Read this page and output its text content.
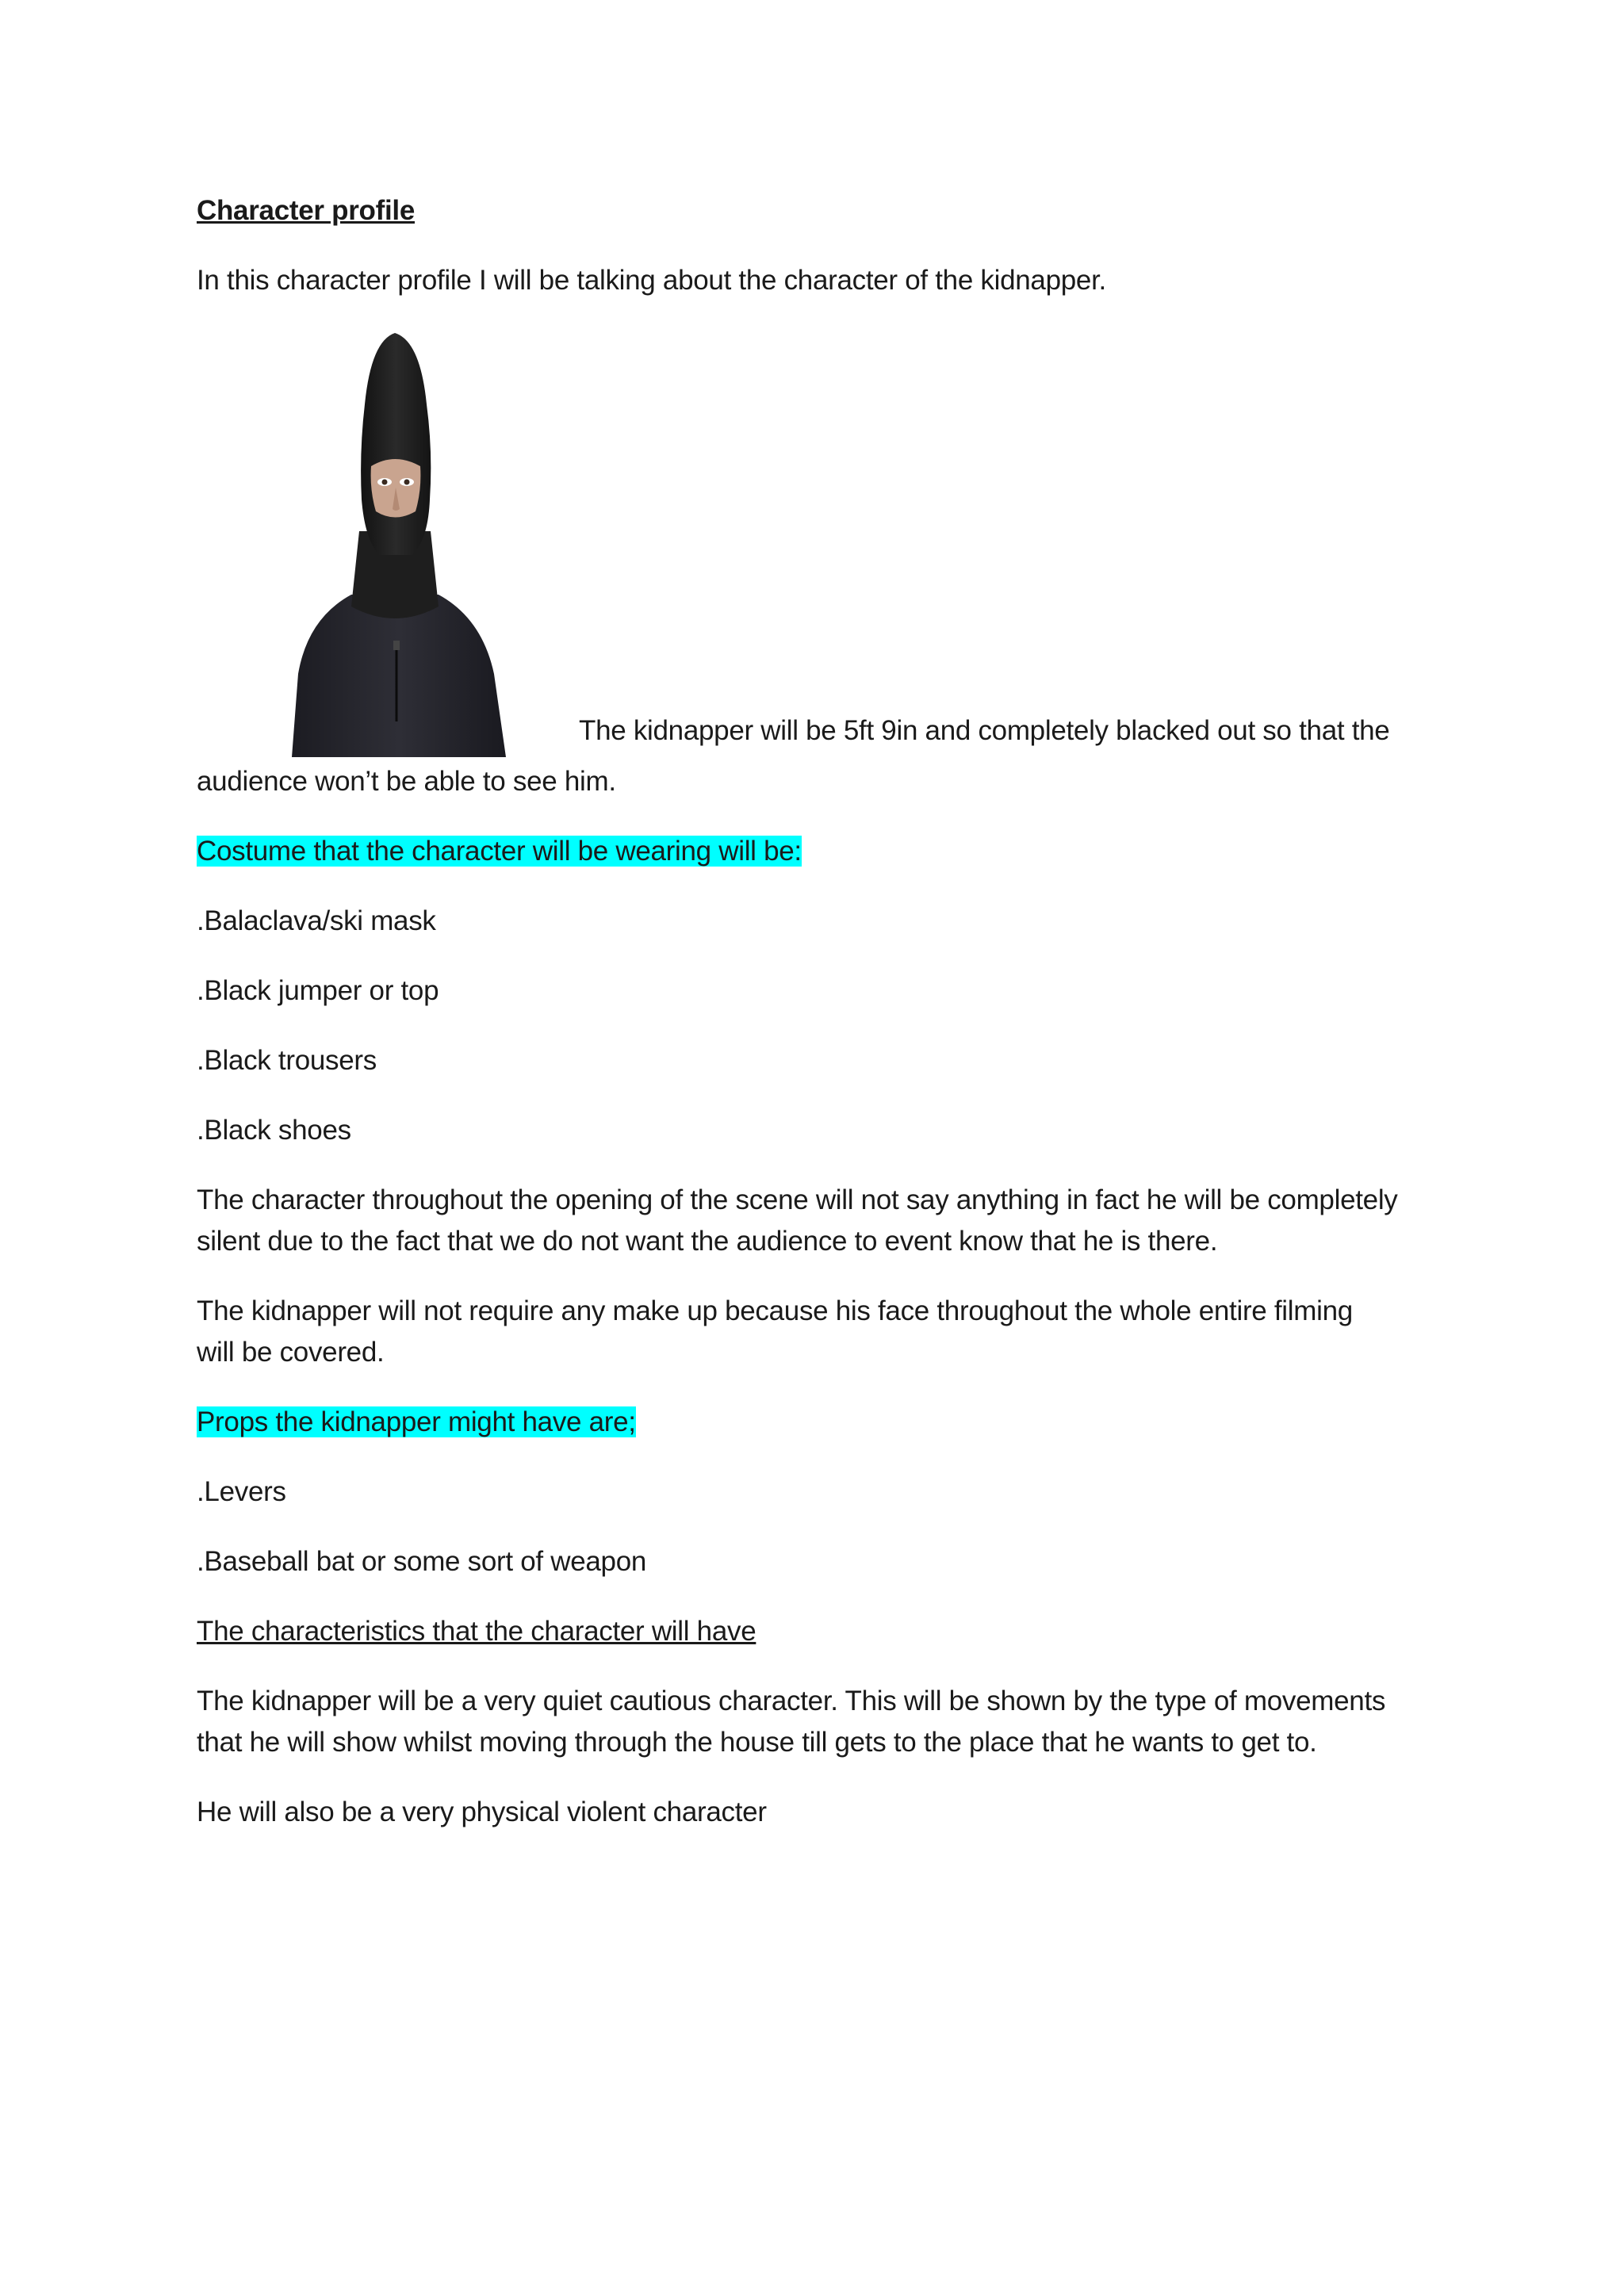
Character profile

In this character profile I will be talking about the character of the kidnapper.

The kidnapper will be 5ft 9in and completely blacked out so that the

audience won’t be able to see him.

Costume that the character will be wearing will be:

.Balaclava/ski mask

.Black jumper or top

.Black trousers

.Black shoes

The character throughout the opening of the scene will not say anything in fact he will be completely
silent due to the fact that we do not want the audience to event know that he is there.

The kidnapper will not require any make up because his face throughout the whole entire filming
will be covered.

Props the kidnapper might have are;

.Levers

.Baseball bat or some sort of weapon

The characteristics that the character will have

The kidnapper will be a very quiet cautious character. This will be shown by the type of movements
that he will show whilst moving through the house till gets to the place that he wants to get to.

He will also be a very physical violent character
